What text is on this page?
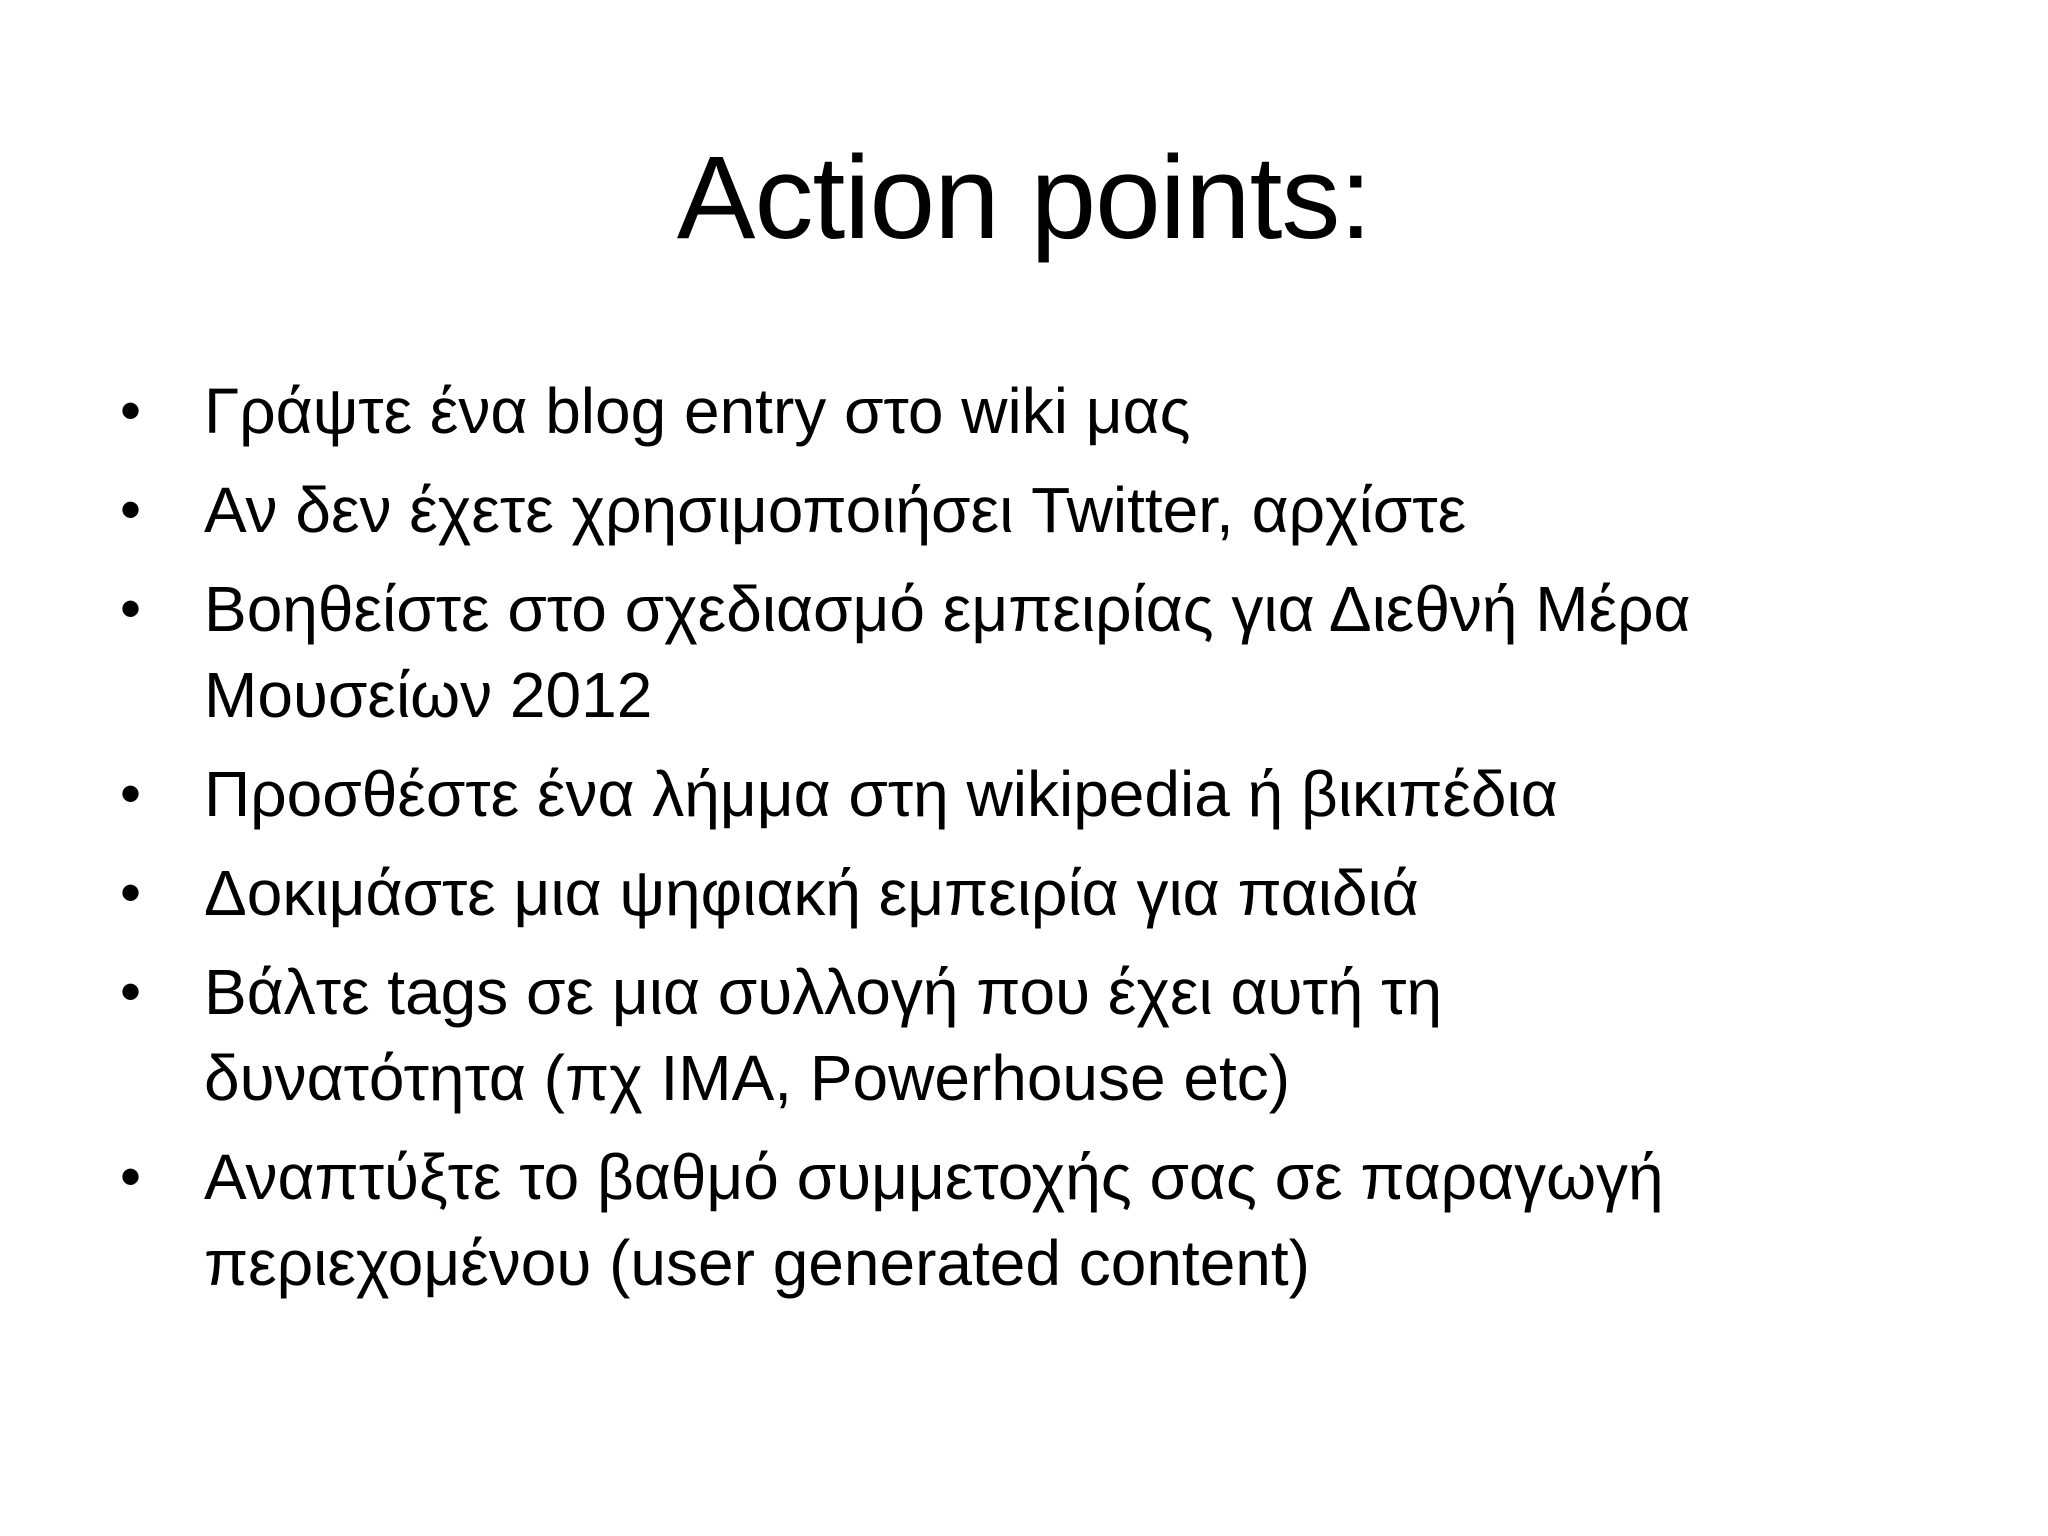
Action points:
• Γράψτε ένα blog entry στο wiki μας
• Αν δεν έχετε χρησιμοποιήσει Twitter, αρχίστε
• Βοηθείστε στο σχεδιασμό εμπειρίας για Διεθνή Μέρα
Μουσείων 2012
• Προσθέστε ένα λήμμα στη wikipedia ή βικιπέδια
• Δοκιμάστε μια ψηφιακή εμπειρία για παιδιά
• Βάλτε tags σε μια συλλογή που έχει αυτή τη
δυνατότητα (πχ IMA, Powerhouse etc)
• Αναπτύξτε το βαθμό συμμετοχής σας σε παραγωγή
περιεχομένου (user generated content)
